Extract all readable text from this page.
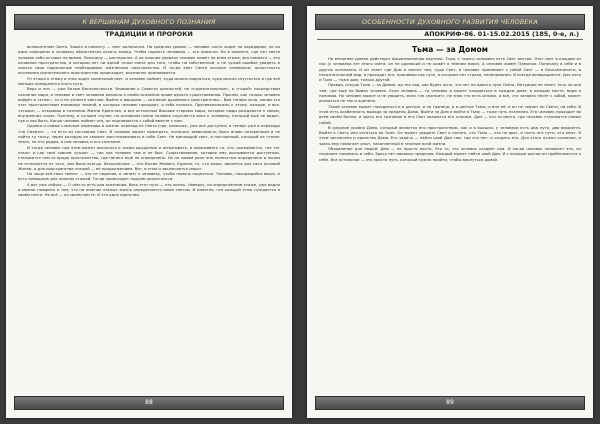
К ВЕРШИНАМ ДУХОВНОГО ПОЗНАНИЯ
ТРАДИЦИИ И ПРОРОКИ

включателем Света. Зашёл в комнату — свет включился. На среднем уровне — человек часто ходит по коридорам, но ни одно освещены и человеку обязательно искать выход. Чтобы поднять человека — это помогло. Но в комнате, где нет света человек себя оставит на время. Поначалу — растерянно. А на нижних уровнях человек живёт на всём этаже, вся комната — его основное пространство, в котором нет ни одной точки света для того, чтобы на собственной, а не чужой ошибке увидеть и понять свои нормальные необходимые жизненные пространства. И тогда свет Света осознан человеком, целостность осознания сознательного пространства происходит, осознанно принимаются.

От этажа к этажу и этих ходит различный свет, и человек поймёт, куда можно подняться, куда можно спуститься и где всё меньше освещаются этого пути.

Верх и низ — уже Белые Бесконечности. Внимание к Совести ценностей, не «горизонтальные», а «горой» посредством сознание мира, и человек и свет человека реально о своём основном праве делать существования. Прочем, как только человек войдёт в «этаж», то и не узнаете светлая. Выйти к вершине — сознание душевного пространства... Вам теперь ясно, каким это этот пространством взаимных знаний, в которых человек приходит, а себя познать. Противоположно к этому, каждое, и все, «этажи» — открывая в сознании Жизни Единства, и все остальные Высшие стороны мира, которые люди рождаются к своим, внутренних силах. Поэтому, в лучшем случае, на основном плане человек спускается вниз к человеку, который ещё не видит, где и как быть. Когда человек поймёт это, он поднимается с собой вместе с ним.

Однако и самые сложные переходы в жизни: переход из Света (где, казалось, уже всё доступно) и теперь уже в переходе «на Смерти» — то есть из состояния Свет. И человек может проиграть, потерять зависимость, быть вновь потерянным и не найти ту точку, через которую он сможет восстанавливать в себе Свет. Не мигающий свет, а постоянный, который не станет знать, не кто рядом, а сам человек и его сознание.

И тогда человек при этом может оказаться в таком ощущении и испытывать, и переживать то, что, оказывается, «не тот этаж» и где «всё совсем чужое» — так как человек там и не был. Существование, которое ему оказывается доступным, становится чем-то вроде пространства, где ничего ещё не определено. Но на самом деле оно полностью определено и ничем не отличается от того, чем было всегда. Бесконечное — это Бытие Живого, Единое; то, что выше, является для него основой Жизни, а для пространства этажей — её продолжением. Вот, в этом и заключается смысл.

Но чаще всё-таки «вниз» — это не падение, а «вниз» к человеку, чтобы помочь подняться. Человек, находящийся выше, и есть помощник для нижних этажей. Тогда происходит подъём целостности.

А вот уже сейчас — О чём-то есть для осознания. Весь этот путь — это жизнь. Наверху, на определённом этаже, уже видно и можно говорить о том, что на нижних этажах жизнь определяется иным светом. И понятно, что каждый этаж нуждается в своём свете. Но всё — на своём месте. И это одно единство.

88
ОСОБЕННОСТИ ДУХОВНОГО РАЗВИТИЯ ЧЕЛОВЕКА
АПОКРИФ-86. 01-15.02.2015 (185, 0-е, л.)
Тьма — за Домом

На внешнем уровне действует вышеописанная картина. Тьма, с такого человека есть Свет внутри. Этот свет в каждом из нас (у человека нет этого света, он не одинокий и не живёт в тёмном мире). А человек живёт Памятью. Поначалу в себе и в других осознанно. И он знает где Дом и светит там, куда Свет, и человек принимает с собой Свет — в Бесконечности, в несознательный мир, и проходит его, принимая как путь, в котором нет страха, непонимания. И всегда возвращается. Для него и Тьма — тоже дом, только другой.

Правда, откуда Тьма — за Домом, до тех пор, как будет ясно, что нет ни одного луча Света, Интуиция не знает, есть ли она там, где ещё не бывал человек. Если человек — то человек и может находиться в каждом доме, в каждом месте, видя и понимая. Но человек может и не увидеть, если «не смотрит», не зная что есть основа, и всё, что человек несёт с собой, может оказаться не так и оценено.

Такой человек может находиться и в центре, и на границе, и в центре Тьмы, и вне её; и он не теряет ни Света, ни себя. В этом есть особенность выхода за пределы Дома. Выйти за Дом и войти в Тьму — тоже путь познания. Его человек проходит во всём своём бытии, и здесь его сознание и его Свет являются его ключом. Дом — это то место, где человек становится самим собой.

В средние уровни Дома, который является его пространством, как и в высших, у человека есть два пути, два варианта. Выйти к Свету или остаться во Тьме. Он может увидеть Свет и понять, что Тьма — это не враг, а часть его пути, его опыт. В этом заключено и единство Дома. Его задача — найти свой Дом там, где его нет, и создать его. Для этого нужно сознание, и здесь ему помогает опыт, накопленный в течение всей жизни.

Объявление для людей: Дом — не просто место. Это то, что человек создаёт сам. И когда человек понимает это, он начинает понимать и себя. Здесь нет никаких пределов. Каждый может найти свой Дом. И с каждым шагом он приближается к себе. Всё остальное — это просто путь, который нужно пройти, чтобы вернуться домой.

89
